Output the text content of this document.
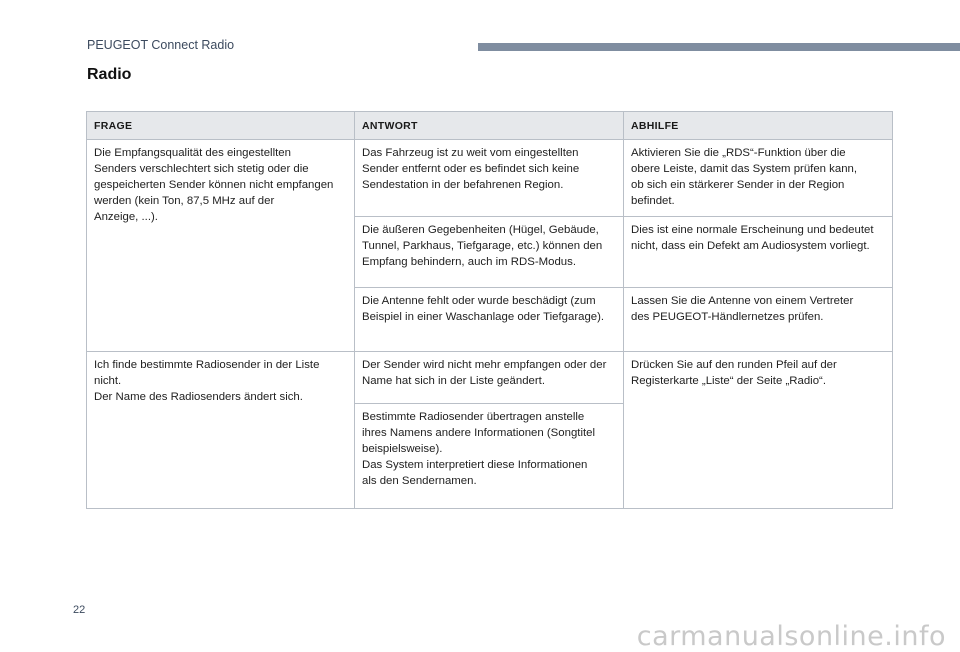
PEUGEOT Connect Radio
Radio
FRAGE	ANTWORT	ABHILFE
Die Empfangsqualität des eingestellten
Senders verschlechtert sich stetig oder die
gespeicherten Sender können nicht empfangen
werden (kein Ton, 87,5 MHz auf der
Anzeige, ...).	Das Fahrzeug ist zu weit vom eingestellten
Sender entfernt oder es befindet sich keine
Sendestation in der befahrenen Region.	Aktivieren Sie die „RDS“-Funktion über die
obere Leiste, damit das System prüfen kann,
ob sich ein stärkerer Sender in der Region
befindet.
	Die äußeren Gegebenheiten (Hügel, Gebäude,
Tunnel, Parkhaus, Tiefgarage, etc.) können den
Empfang behindern, auch im RDS-Modus.	Dies ist eine normale Erscheinung und bedeutet
nicht, dass ein Defekt am Audiosystem vorliegt.
	Die Antenne fehlt oder wurde beschädigt (zum
Beispiel in einer Waschanlage oder Tiefgarage).	Lassen Sie die Antenne von einem Vertreter
des PEUGEOT-Händlernetzes prüfen.
Ich finde bestimmte Radiosender in der Liste
nicht.
Der Name des Radiosenders ändert sich.	Der Sender wird nicht mehr empfangen oder der
Name hat sich in der Liste geändert.	Drücken Sie auf den runden Pfeil auf der
Registerkarte „Liste“ der Seite „Radio“.
	Bestimmte Radiosender übertragen anstelle
ihres Namens andere Informationen (Songtitel
beispielsweise).
Das System interpretiert diese Informationen
als den Sendernamen.	
22
carmanualsonline.info
